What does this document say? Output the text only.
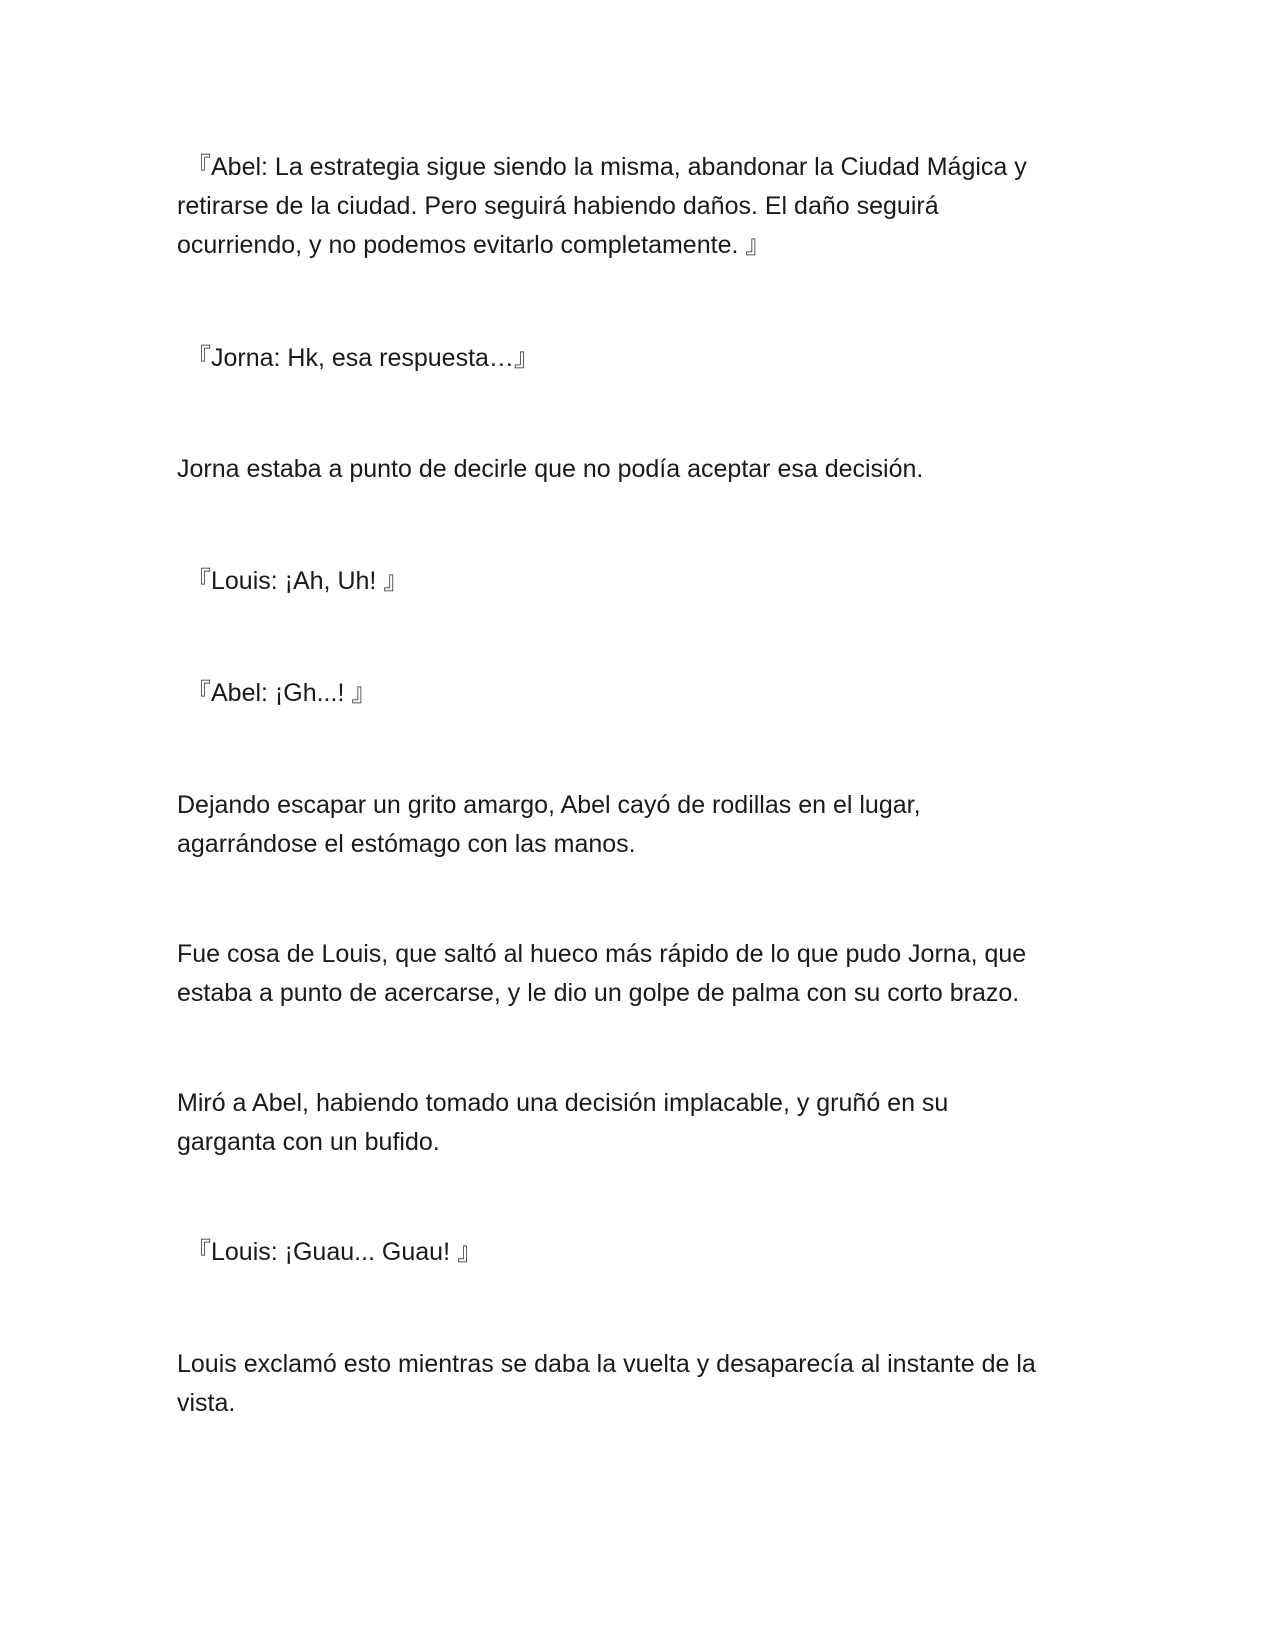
『Abel: La estrategia sigue siendo la misma, abandonar la Ciudad Mágica y
retirarse de la ciudad. Pero seguirá habiendo daños. El daño seguirá
ocurriendo, y no podemos evitarlo completamente. 』

『Jorna: Hk, esa respuesta…』

Jorna estaba a punto de decirle que no podía aceptar esa decisión.

『Louis: ¡Ah, Uh! 』

『Abel: ¡Gh...! 』

Dejando escapar un grito amargo, Abel cayó de rodillas en el lugar,
agarrándose el estómago con las manos.

Fue cosa de Louis, que saltó al hueco más rápido de lo que pudo Jorna, que
estaba a punto de acercarse, y le dio un golpe de palma con su corto brazo.

Miró a Abel, habiendo tomado una decisión implacable, y gruñó en su
garganta con un bufido.

『Louis: ¡Guau... Guau! 』

Louis exclamó esto mientras se daba la vuelta y desaparecía al instante de la
vista.
